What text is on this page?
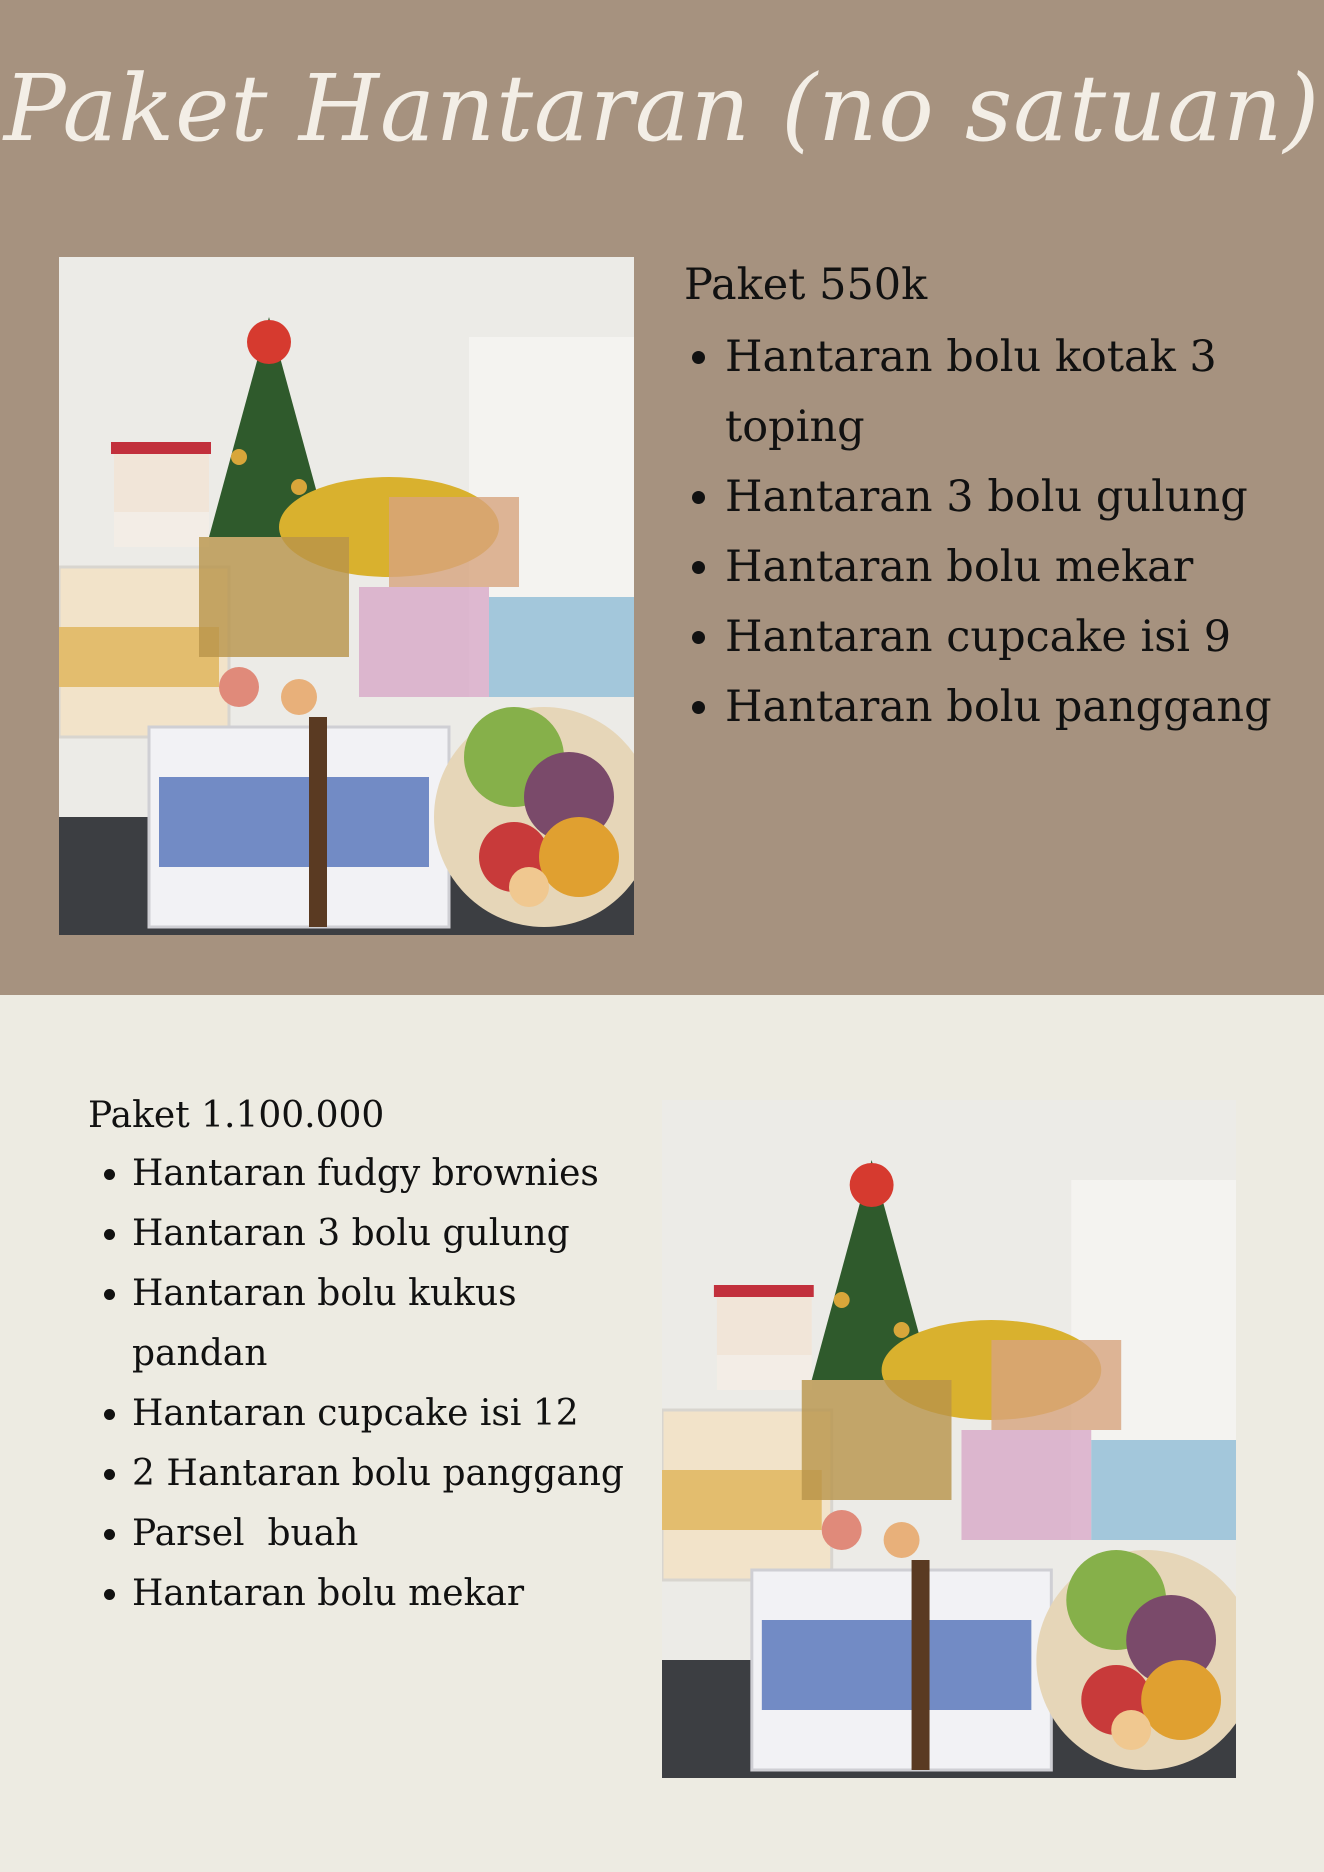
Paket Hantaran (no satuan)
Paket 550k
• Hantaran bolu kotak 3 toping
• Hantaran 3 bolu gulung
• Hantaran bolu mekar
• Hantaran cupcake isi 9
• Hantaran bolu panggang
Paket 1.100.000
• Hantaran fudgy brownies
• Hantaran 3 bolu gulung
• Hantaran bolu kukus pandan
• Hantaran cupcake isi 12
• 2 Hantaran bolu panggang
• Parsel  buah
• Hantaran bolu mekar
